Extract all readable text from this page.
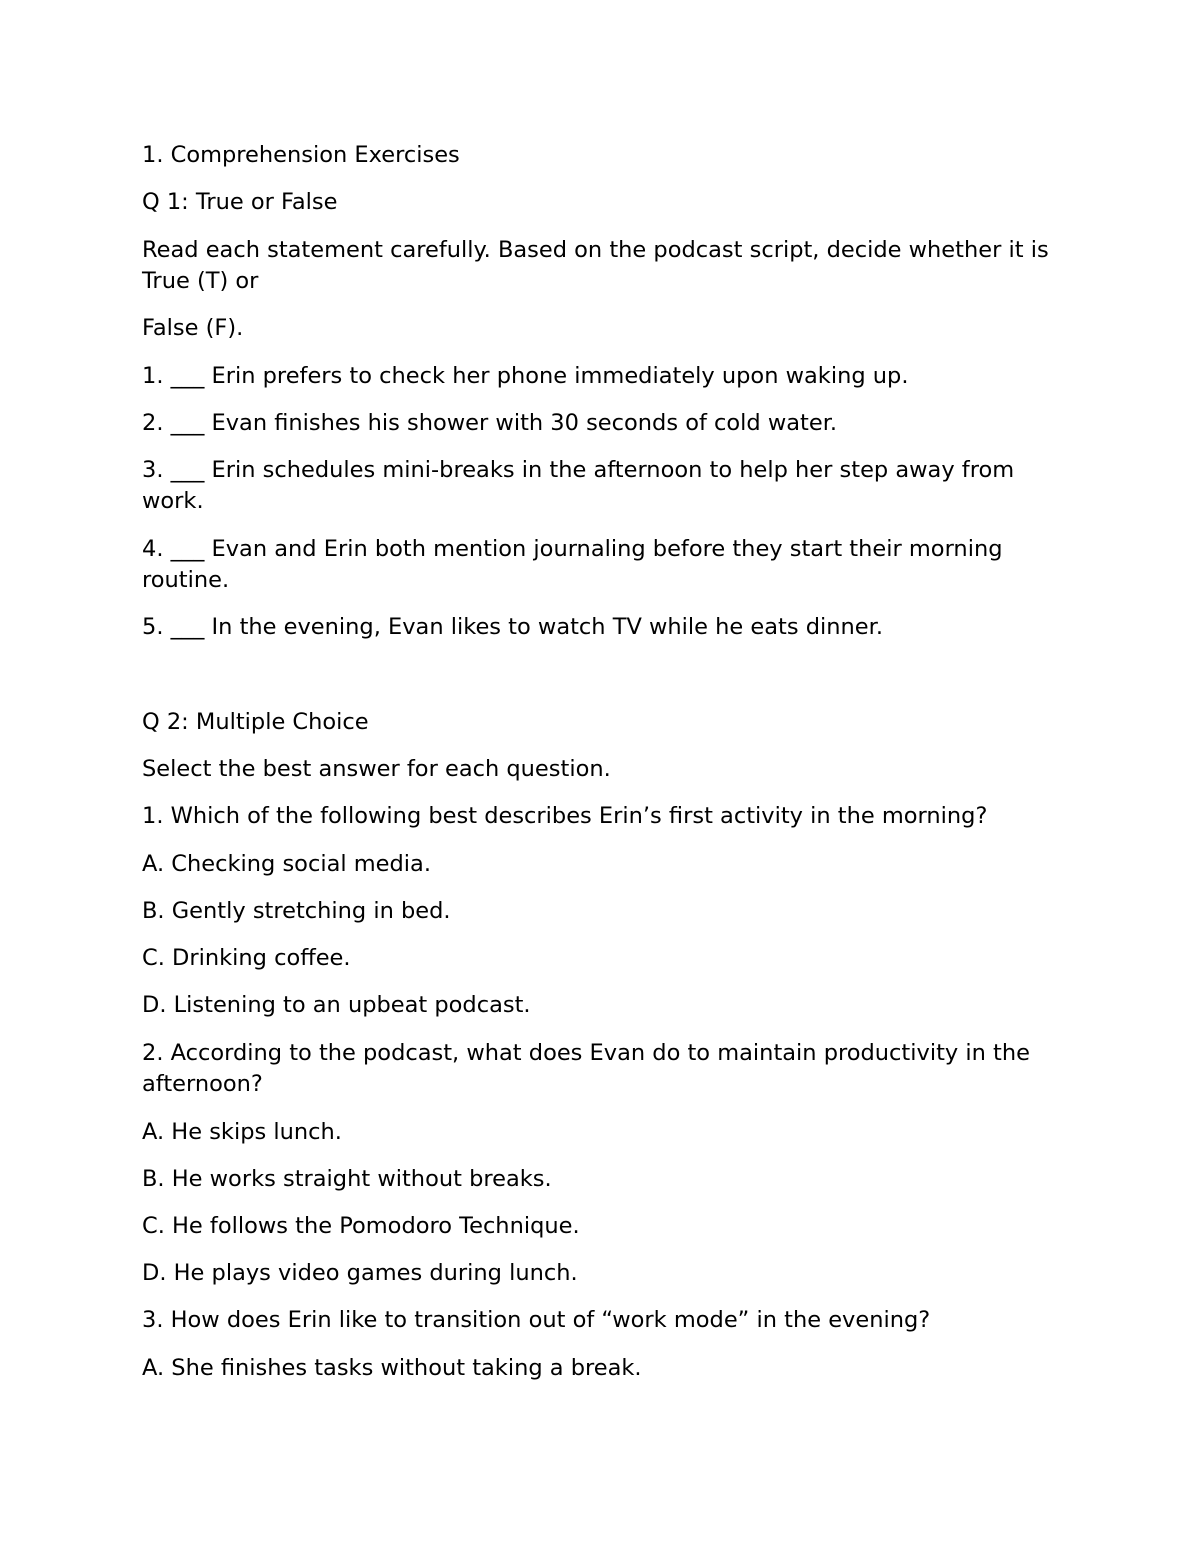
1. Comprehension Exercises

Q 1: True or False

Read each statement carefully. Based on the podcast script, decide whether it is True (T) or

False (F).

1. ___ Erin prefers to check her phone immediately upon waking up.

2. ___ Evan finishes his shower with 30 seconds of cold water.

3. ___ Erin schedules mini-breaks in the afternoon to help her step away from work.

4. ___ Evan and Erin both mention journaling before they start their morning routine.

5. ___ In the evening, Evan likes to watch TV while he eats dinner.

Q 2: Multiple Choice

Select the best answer for each question.

1. Which of the following best describes Erin’s first activity in the morning?

A. Checking social media.

B. Gently stretching in bed.

C. Drinking coffee.

D. Listening to an upbeat podcast.

2. According to the podcast, what does Evan do to maintain productivity in the afternoon?

A. He skips lunch.

B. He works straight without breaks.

C. He follows the Pomodoro Technique.

D. He plays video games during lunch.

3. How does Erin like to transition out of “work mode” in the evening?

A. She finishes tasks without taking a break.
